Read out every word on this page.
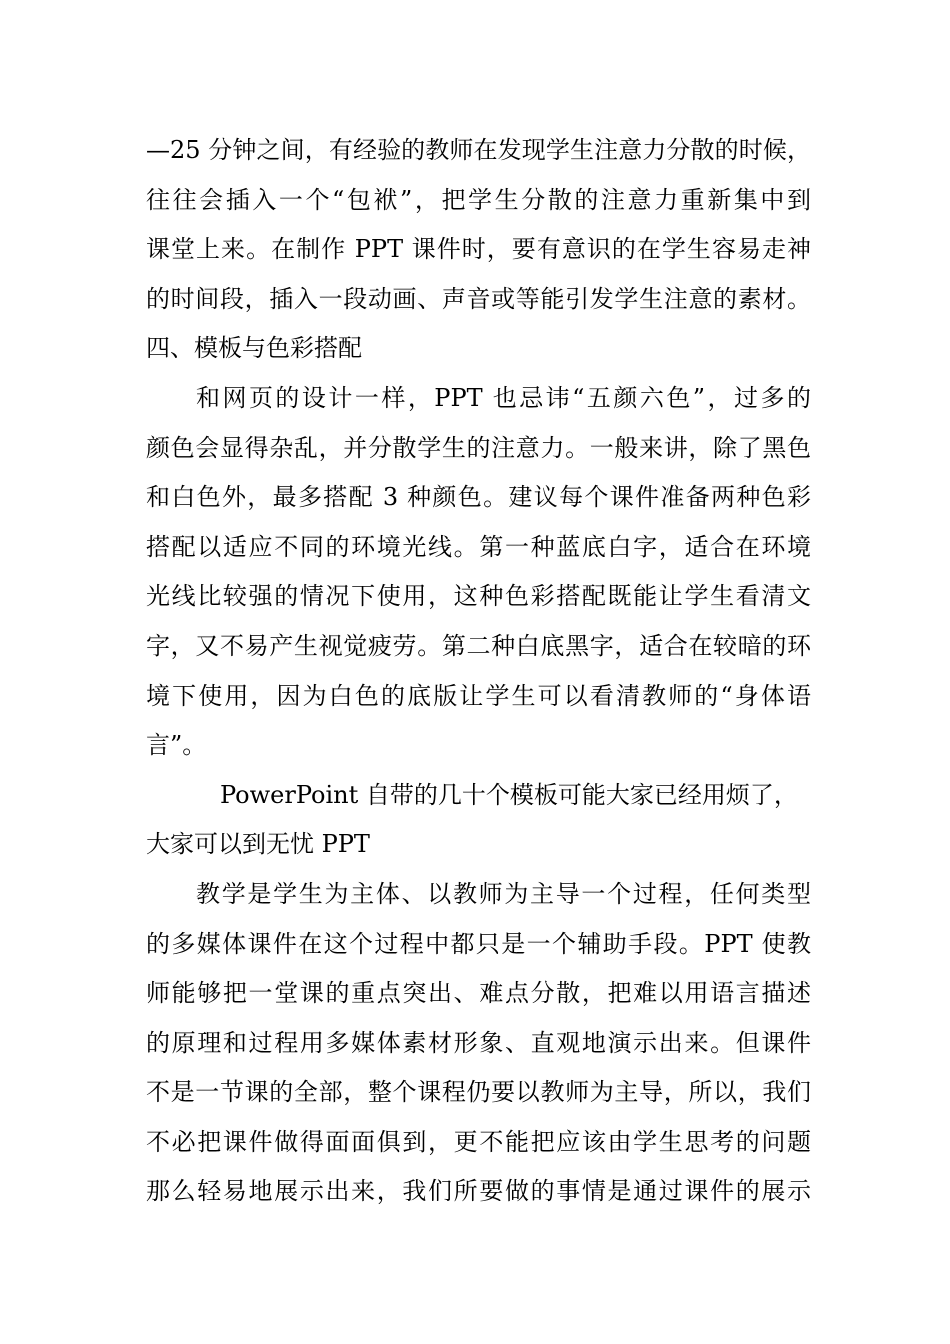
—25 分钟之间，有经验的教师在发现学生注意力分散的时候，
往往会插入一个“包袱”，把学生分散的注意力重新集中到
课堂上来。在制作 PPT 课件时，要有意识的在学生容易走神
的时间段，插入一段动画、声音或等能引发学生注意的素材。
四、模板与色彩搭配
和网页的设计一样，PPT 也忌讳“五颜六色”，过多的
颜色会显得杂乱，并分散学生的注意力。一般来讲，除了黑色
和白色外，最多搭配 3 种颜色。建议每个课件准备两种色彩
搭配以适应不同的环境光线。第一种蓝底白字，适合在环境
光线比较强的情况下使用，这种色彩搭配既能让学生看清文
字，又不易产生视觉疲劳。第二种白底黑字，适合在较暗的环
境下使用，因为白色的底版让学生可以看清教师的“身体语
言”。
PowerPoint 自带的几十个模板可能大家已经用烦了，
大家可以到无忧 PPT
教学是学生为主体、以教师为主导一个过程，任何类型
的多媒体课件在这个过程中都只是一个辅助手段。PPT 使教
师能够把一堂课的重点突出、难点分散，把难以用语言描述
的原理和过程用多媒体素材形象、直观地演示出来。但课件
不是一节课的全部，整个课程仍要以教师为主导，所以，我们
不必把课件做得面面俱到，更不能把应该由学生思考的问题
那么轻易地展示出来，我们所要做的事情是通过课件的展示
